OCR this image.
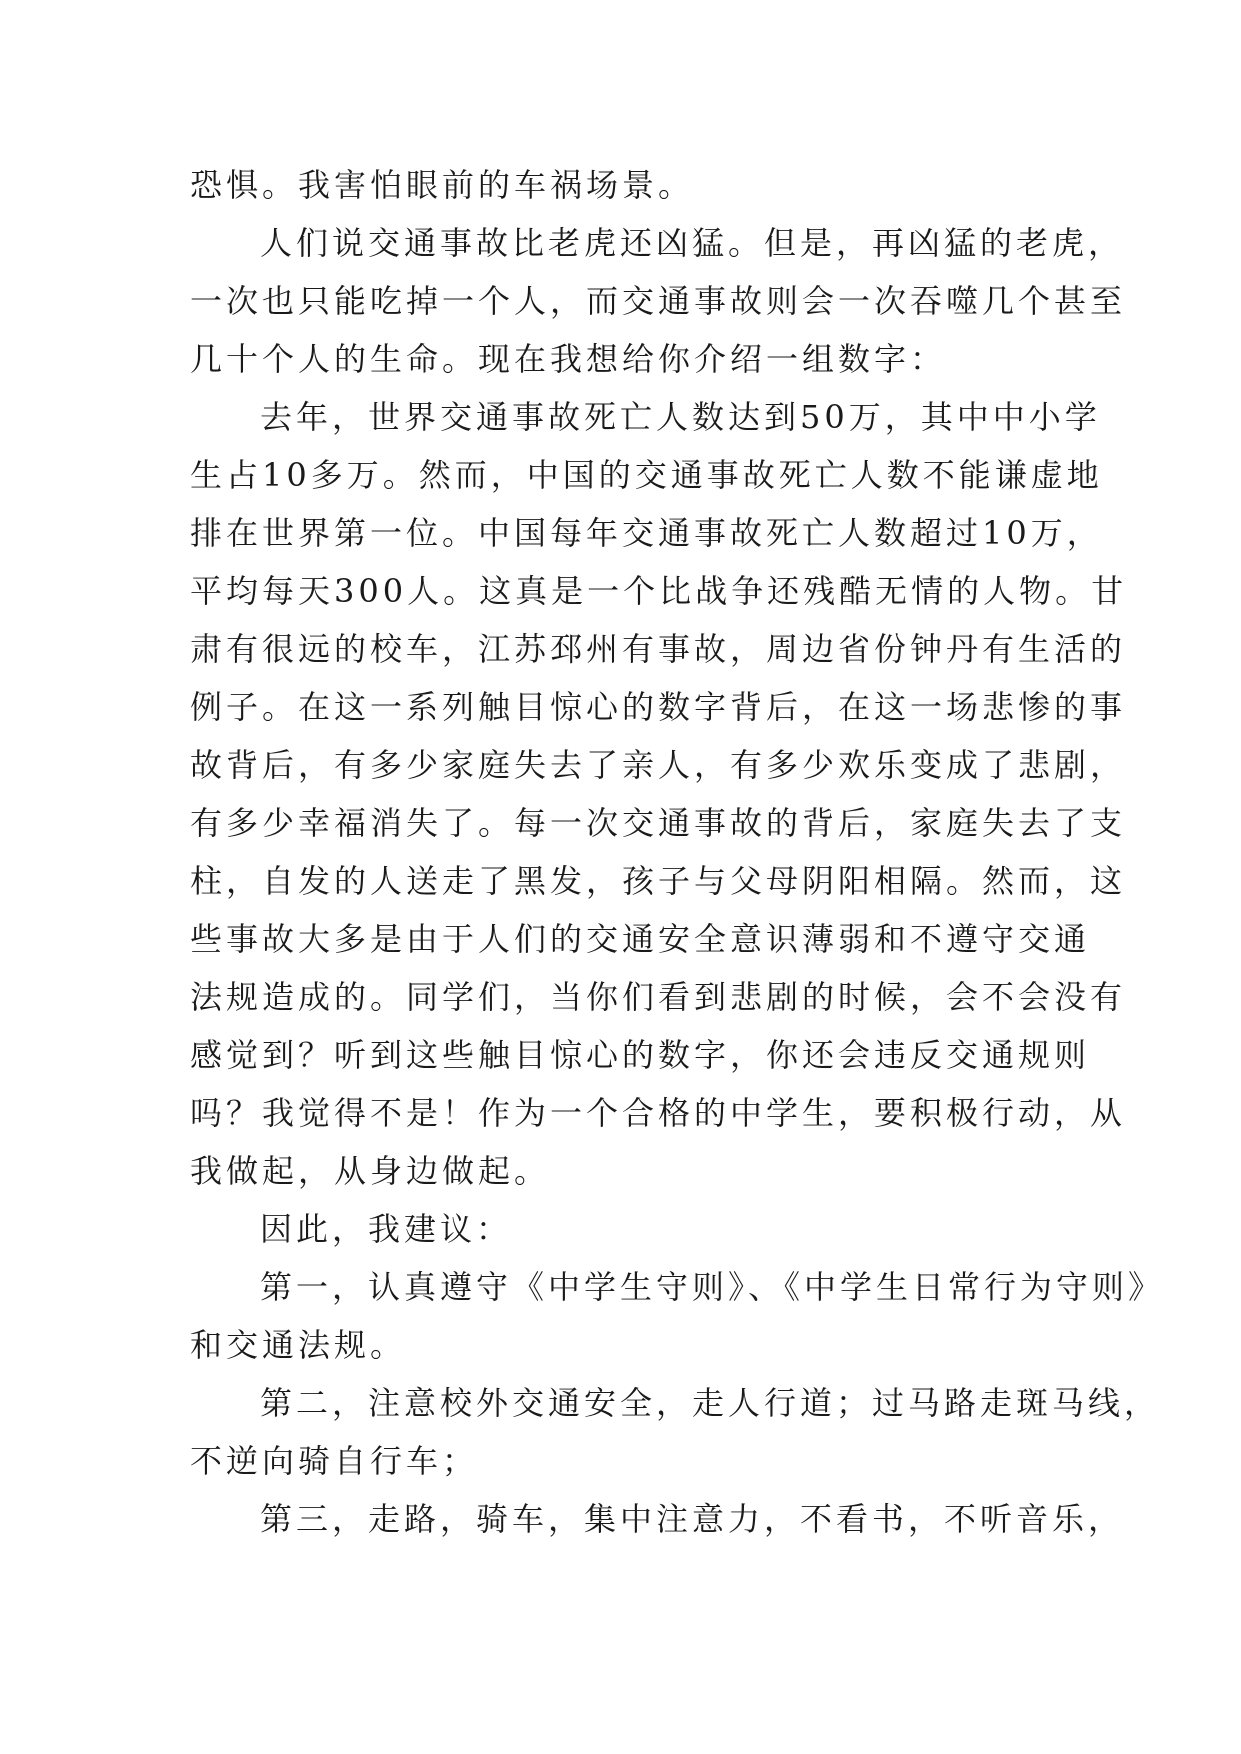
恐惧。我害怕眼前的车祸场景。

人们说交通事故比老虎还凶猛。但是，再凶猛的老虎，
一次也只能吃掉一个人，而交通事故则会一次吞噬几个甚至
几十个人的生命。现在我想给你介绍一组数字：

去年，世界交通事故死亡人数达到50万，其中中小学
生占10多万。然而，中国的交通事故死亡人数不能谦虚地
排在世界第一位。中国每年交通事故死亡人数超过10万，
平均每天300人。这真是一个比战争还残酷无情的人物。甘
肃有很远的校车，江苏邳州有事故，周边省份钟丹有生活的
例子。在这一系列触目惊心的数字背后，在这一场悲惨的事
故背后，有多少家庭失去了亲人，有多少欢乐变成了悲剧，
有多少幸福消失了。每一次交通事故的背后，家庭失去了支
柱，自发的人送走了黑发，孩子与父母阴阳相隔。然而，这
些事故大多是由于人们的交通安全意识薄弱和不遵守交通
法规造成的。同学们，当你们看到悲剧的时候，会不会没有
感觉到？听到这些触目惊心的数字，你还会违反交通规则
吗？我觉得不是！作为一个合格的中学生，要积极行动，从
我做起，从身边做起。

因此，我建议：

第一，认真遵守《中学生守则》、《中学生日常行为守则》
和交通法规。

第二，注意校外交通安全，走人行道；过马路走斑马线，
不逆向骑自行车；

第三，走路，骑车，集中注意力，不看书，不听音乐，
